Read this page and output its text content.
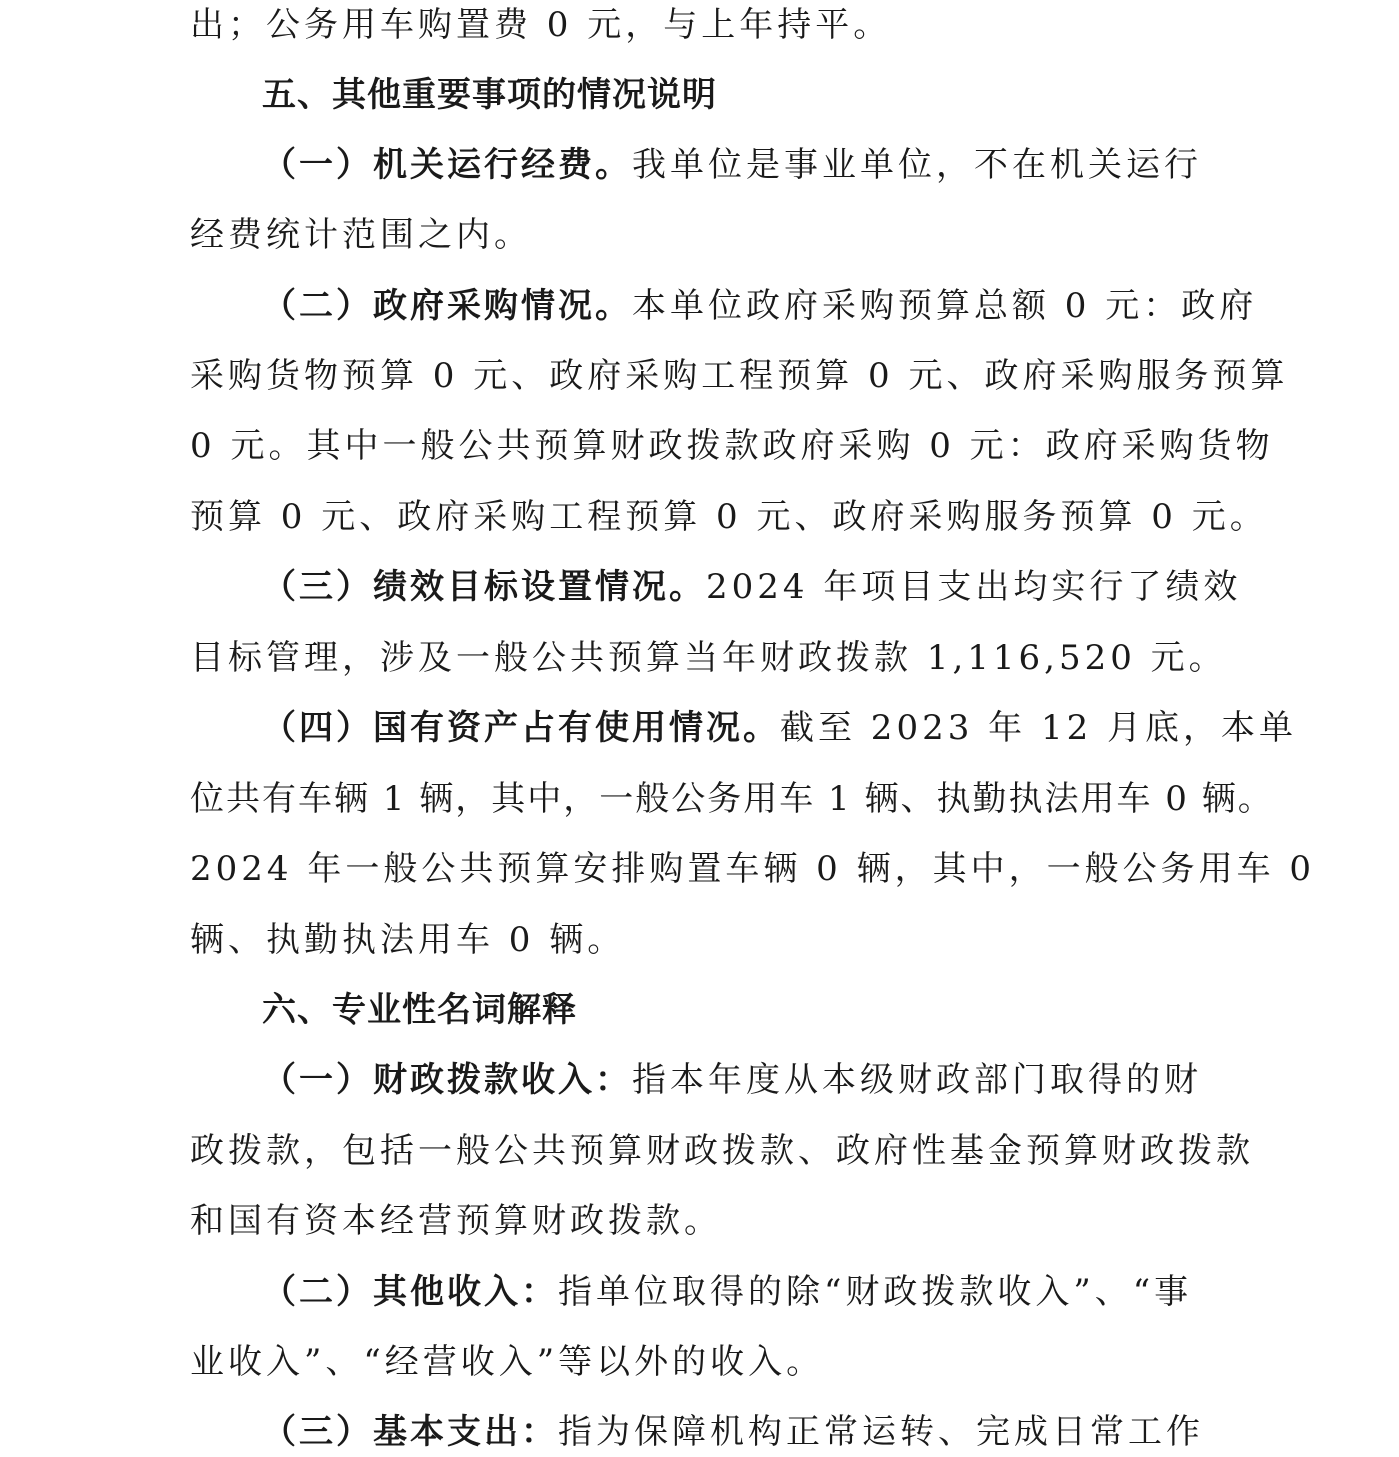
出；公务用车购置费 0 元，与上年持平。
五、其他重要事项的情况说明
（一）机关运行经费。我单位是事业单位，不在机关运行
经费统计范围之内。
（二）政府采购情况。本单位政府采购预算总额 0 元：政府
采购货物预算 0 元、政府采购工程预算 0 元、政府采购服务预算
0 元。其中一般公共预算财政拨款政府采购 0 元：政府采购货物
预算 0 元、政府采购工程预算 0 元、政府采购服务预算 0 元。
（三）绩效目标设置情况。2024 年项目支出均实行了绩效
目标管理，涉及一般公共预算当年财政拨款 1,116,520 元。
（四）国有资产占有使用情况。截至 2023 年 12 月底，本单
位共有车辆 1 辆，其中，一般公务用车 1 辆、执勤执法用车 0 辆。
2024 年一般公共预算安排购置车辆 0 辆，其中，一般公务用车 0
辆、执勤执法用车 0 辆。
六、专业性名词解释
（一）财政拨款收入：指本年度从本级财政部门取得的财
政拨款，包括一般公共预算财政拨款、政府性基金预算财政拨款
和国有资本经营预算财政拨款。
（二）其他收入：指单位取得的除“财政拨款收入”、“事
业收入”、“经营收入”等以外的收入。
（三）基本支出：指为保障机构正常运转、完成日常工作
